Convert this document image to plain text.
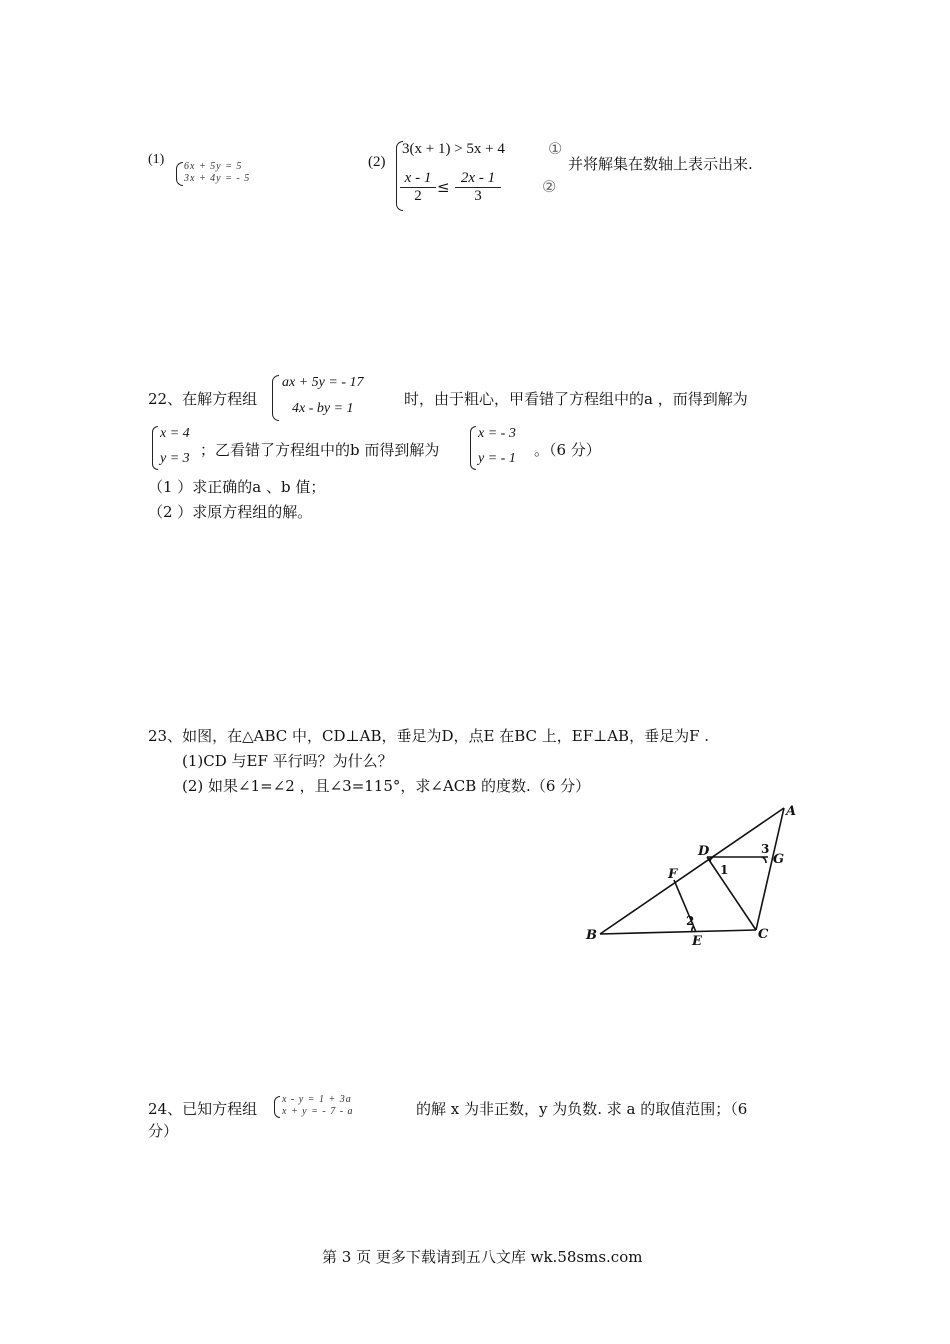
(1) 6x + 5y = 5
3x + 4y = - 5
(2)
3(x + 1) > 5x + 4	①
$\frac{x - 1}{2} \le \frac{2x - 1}{3}$	②
并将解集在数轴上表示出来.
22、在解方程组
ax + 5y = - 17
4x - by = 1
时，由于粗心，甲看错了方程组中的a ，而得到解为
x = 4
y = 3 ；乙看错了方程组中的b 而得到解为
x = - 3
y = - 1 。（6 分）
（1 ）求正确的a 、b 值；
（2 ）求原方程组的解。
23、如图，在△ABC 中，CD⊥AB，垂足为D，点E 在BC 上，EF⊥AB，垂足为F .
(1)CD 与EF 平行吗？为什么？
(2) 如果∠1=∠2 ，且∠3=115°，求∠ACB 的度数.（6 分）
A
B	C
D
E
F
G
1
2
3
24、已知方程组
x - y = 1 + 3a
x + y = - 7 - a	的解 x 为非正数，y 为负数. 求 a 的取值范围；（6
分）
第 3 页 更多下载请到五八文库 wk.58sms.com
